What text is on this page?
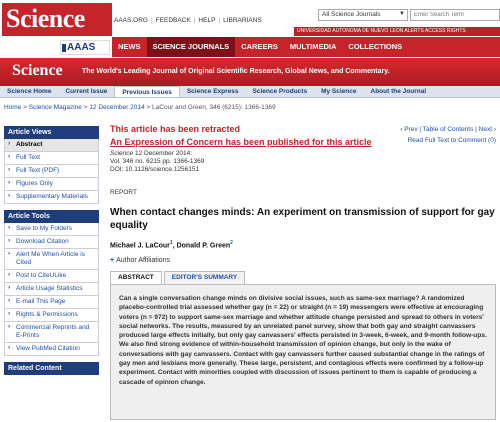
Science	AAAS.ORG | FEEDBACK | HELP | LIBRARIANS
All Science Journals	▼
Enter Search Term
UNIVERSIDAD AUTONOMA DE NUEVO LEON ALERTS ACCESS RIGHTS
AAAS	NEWS	SCIENCE JOURNALS	CAREERS	MULTIMEDIA	COLLECTIONS
Science	The World's Leading Journal of Original Scientific Research, Global News, and Commentary.
Science Home	Current Issue	Previous Issues	Science Express	Science Products	My Science	About the Journal
Home > Science Magazine > 12 December 2014 > LaCour and Green, 346 (6215): 1366-1369
Article Views
› Abstract
› Full Text
› Full Text (PDF)
› Figures Only
› Supplementary Materials
Article Tools
› Save to My Folders
› Download Citation
› Alert Me When Article is Cited
› Post to CiteULike
› Article Usage Statistics
› E-mail This Page
› Rights & Permissions
› Commercial Reprints and E-Prints
› View PubMed Citation
Related Content
This article has been retracted
An Expression of Concern has been published for this article
Science 12 December 2014:
Vol. 346 no. 6215 pp. 1366-1369
DOI: 10.1126/science.1256151
‹ Prev | Table of Contents | Next ›
Read Full Text to Comment (0)
REPORT
When contact changes minds: An experiment on transmission of support for gay equality
Michael J. LaCour$^1$, Donald P. Green$^2$
+ Author Affiliations
ABSTRACT	EDITOR'S SUMMARY
Can a single conversation change minds on divisive social issues, such as same-sex marriage? A randomized placebo-controlled trial assessed whether gay (n = 22) or straight (n = 19) messengers were effective at encouraging voters (n = 972) to support same-sex marriage and whether attitude change persisted and spread to others in voters' social networks. The results, measured by an unrelated panel survey, show that both gay and straight canvassers produced large effects initially, but only gay canvassers' effects persisted in 3-week, 6-week, and 9-month follow-ups. We also find strong evidence of within-household transmission of opinion change, but only in the wake of conversations with gay canvassers. Contact with gay canvassers further caused substantial change in the ratings of gay men and lesbians more generally. These large, persistent, and contagious effects were confirmed by a follow-up experiment. Contact with minorities coupled with discussion of issues pertinent to them is capable of producing a cascade of opinion change.
